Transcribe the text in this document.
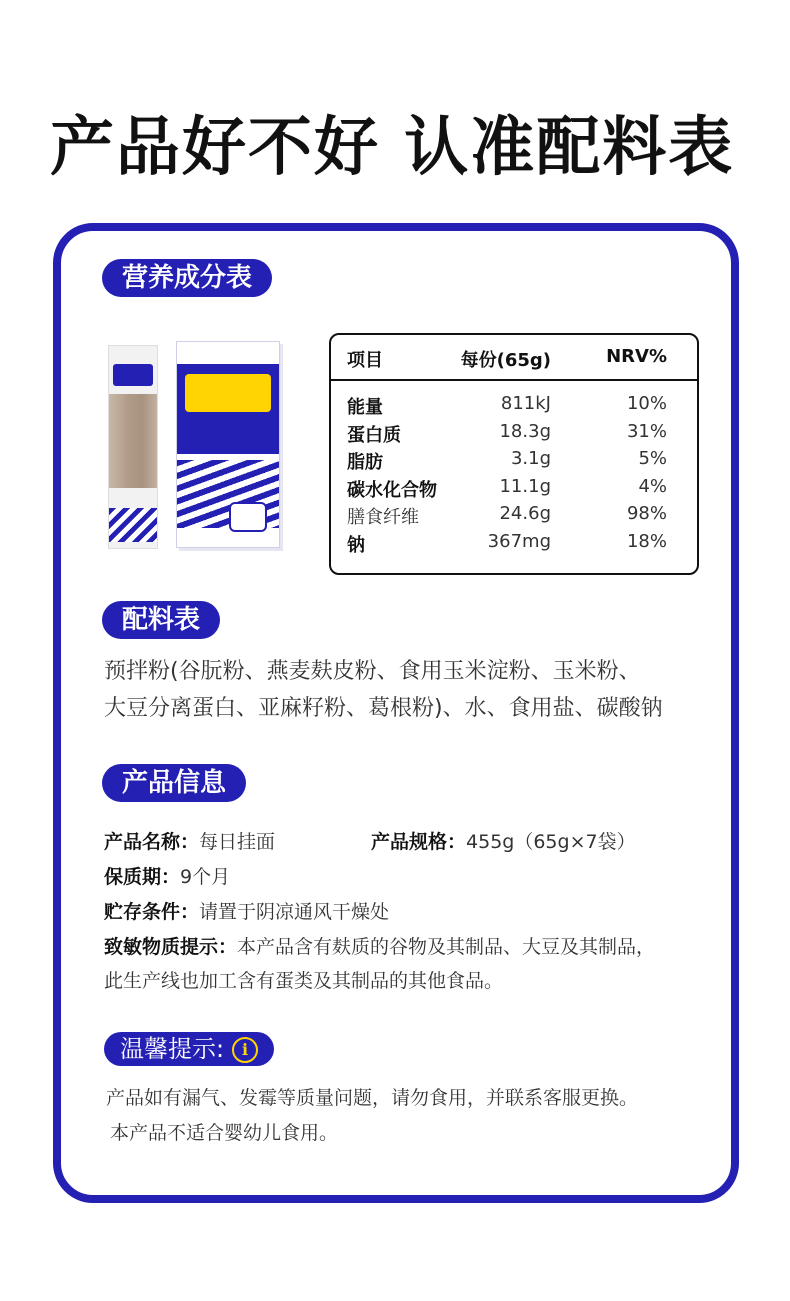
产品好不好 认准配料表
营养成分表
项目	每份(65g)	NRV%
能量	811kJ	10%
蛋白质	18.3g	31%
脂肪	3.1g	5%
碳水化合物	11.1g	4%
膳食纤维	24.6g	98%
钠	367mg	18%
配料表
预拌粉(谷朊粉、燕麦麸皮粉、食用玉米淀粉、玉米粉、
大豆分离蛋白、亚麻籽粉、葛根粉)、水、食用盐、碳酸钠
产品信息
产品名称：每日挂面	产品规格：455g（65g×7袋）
保质期：9个月
贮存条件：请置于阴凉通风干燥处
致敏物质提示：本产品含有麸质的谷物及其制品、大豆及其制品，
此生产线也加工含有蛋类及其制品的其他食品。
温馨提示: i
产品如有漏气、发霉等质量问题，请勿食用，并联系客服更换。
本产品不适合婴幼儿食用。
